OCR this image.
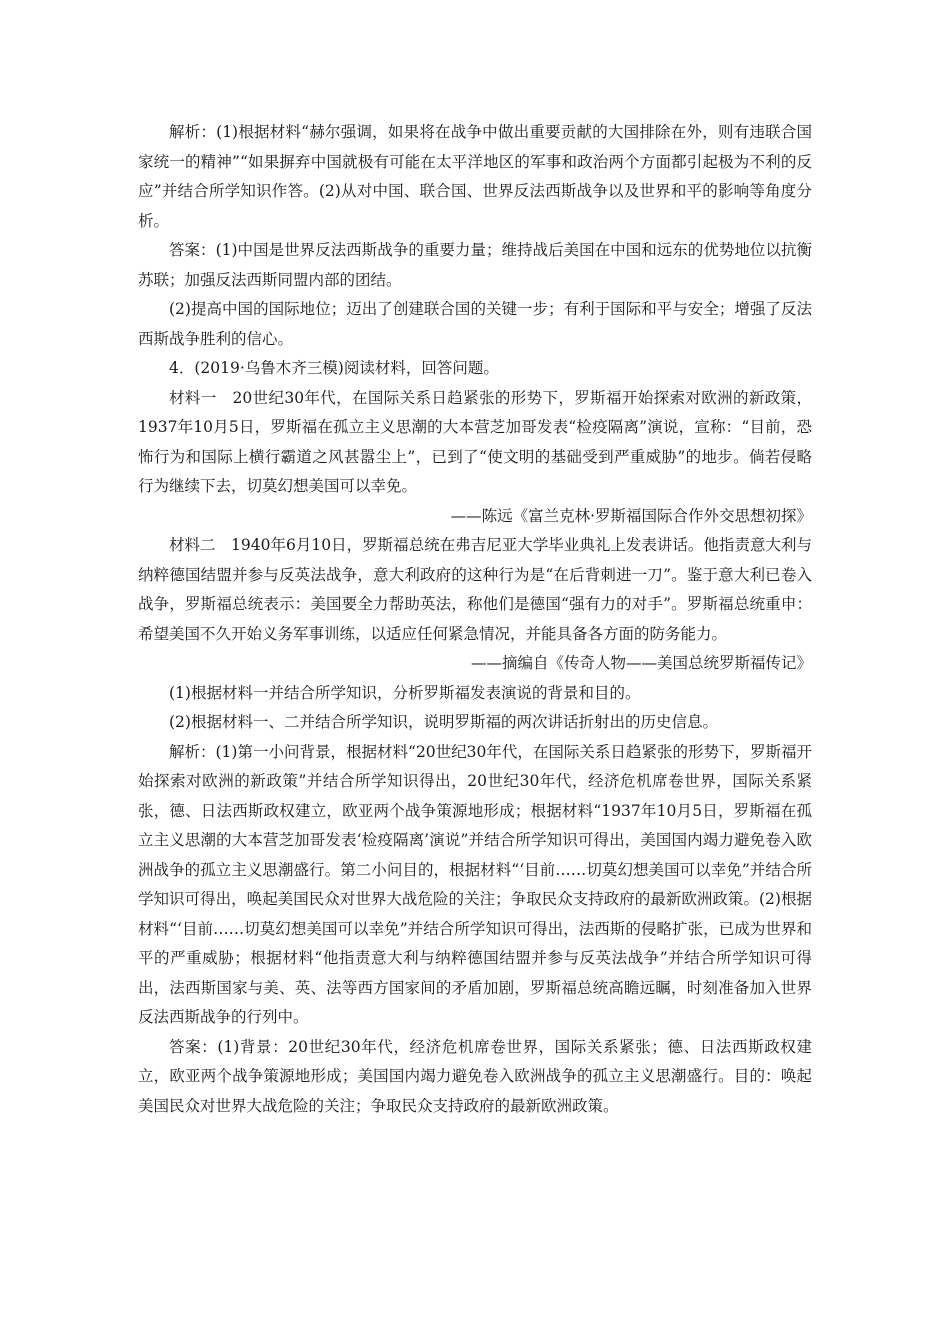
解析：(1)根据材料“赫尔强调，如果将在战争中做出重要贡献的大国排除在外，则有违联合国家统一的精神”“如果摒弃中国就极有可能在太平洋地区的军事和政治两个方面都引起极为不利的反应”并结合所学知识作答。(2)从对中国、联合国、世界反法西斯战争以及世界和平的影响等角度分析。

答案：(1)中国是世界反法西斯战争的重要力量；维持战后美国在中国和远东的优势地位以抗衡苏联；加强反法西斯同盟内部的团结。

(2)提高中国的国际地位；迈出了创建联合国的关键一步；有利于国际和平与安全；增强了反法西斯战争胜利的信心。

4．(2019·乌鲁木齐三模)阅读材料，回答问题。

材料一　20世纪30年代，在国际关系日趋紧张的形势下，罗斯福开始探索对欧洲的新政策，1937年10月5日，罗斯福在孤立主义思潮的大本营芝加哥发表“检疫隔离”演说，宣称：“目前，恐怖行为和国际上横行霸道之风甚嚣尘上”，已到了“使文明的基础受到严重威胁”的地步。倘若侵略行为继续下去，切莫幻想美国可以幸免。

——陈远《富兰克林·罗斯福国际合作外交思想初探》

材料二　1940年6月10日，罗斯福总统在弗吉尼亚大学毕业典礼上发表讲话。他指责意大利与纳粹德国结盟并参与反英法战争，意大利政府的这种行为是“在后背刺进一刀”。鉴于意大利已卷入战争，罗斯福总统表示：美国要全力帮助英法，称他们是德国“强有力的对手”。罗斯福总统重申：希望美国不久开始义务军事训练，以适应任何紧急情况，并能具备各方面的防务能力。

——摘编自《传奇人物——美国总统罗斯福传记》

(1)根据材料一并结合所学知识，分析罗斯福发表演说的背景和目的。

(2)根据材料一、二并结合所学知识，说明罗斯福的两次讲话折射出的历史信息。

解析：(1)第一小问背景，根据材料“20世纪30年代，在国际关系日趋紧张的形势下，罗斯福开始探索对欧洲的新政策”并结合所学知识得出，20世纪30年代，经济危机席卷世界，国际关系紧张，德、日法西斯政权建立，欧亚两个战争策源地形成；根据材料“1937年10月5日，罗斯福在孤立主义思潮的大本营芝加哥发表‘检疫隔离’演说”并结合所学知识可得出，美国国内竭力避免卷入欧洲战争的孤立主义思潮盛行。第二小问目的，根据材料“‘目前……切莫幻想美国可以幸免”并结合所学知识可得出，唤起美国民众对世界大战危险的关注；争取民众支持政府的最新欧洲政策。(2)根据材料“‘目前……切莫幻想美国可以幸免”并结合所学知识可得出，法西斯的侵略扩张，已成为世界和平的严重威胁；根据材料“他指责意大利与纳粹德国结盟并参与反英法战争”并结合所学知识可得出，法西斯国家与美、英、法等西方国家间的矛盾加剧，罗斯福总统高瞻远瞩，时刻准备加入世界反法西斯战争的行列中。

答案：(1)背景：20世纪30年代，经济危机席卷世界，国际关系紧张；德、日法西斯政权建立，欧亚两个战争策源地形成；美国国内竭力避免卷入欧洲战争的孤立主义思潮盛行。目的：唤起美国民众对世界大战危险的关注；争取民众支持政府的最新欧洲政策。
